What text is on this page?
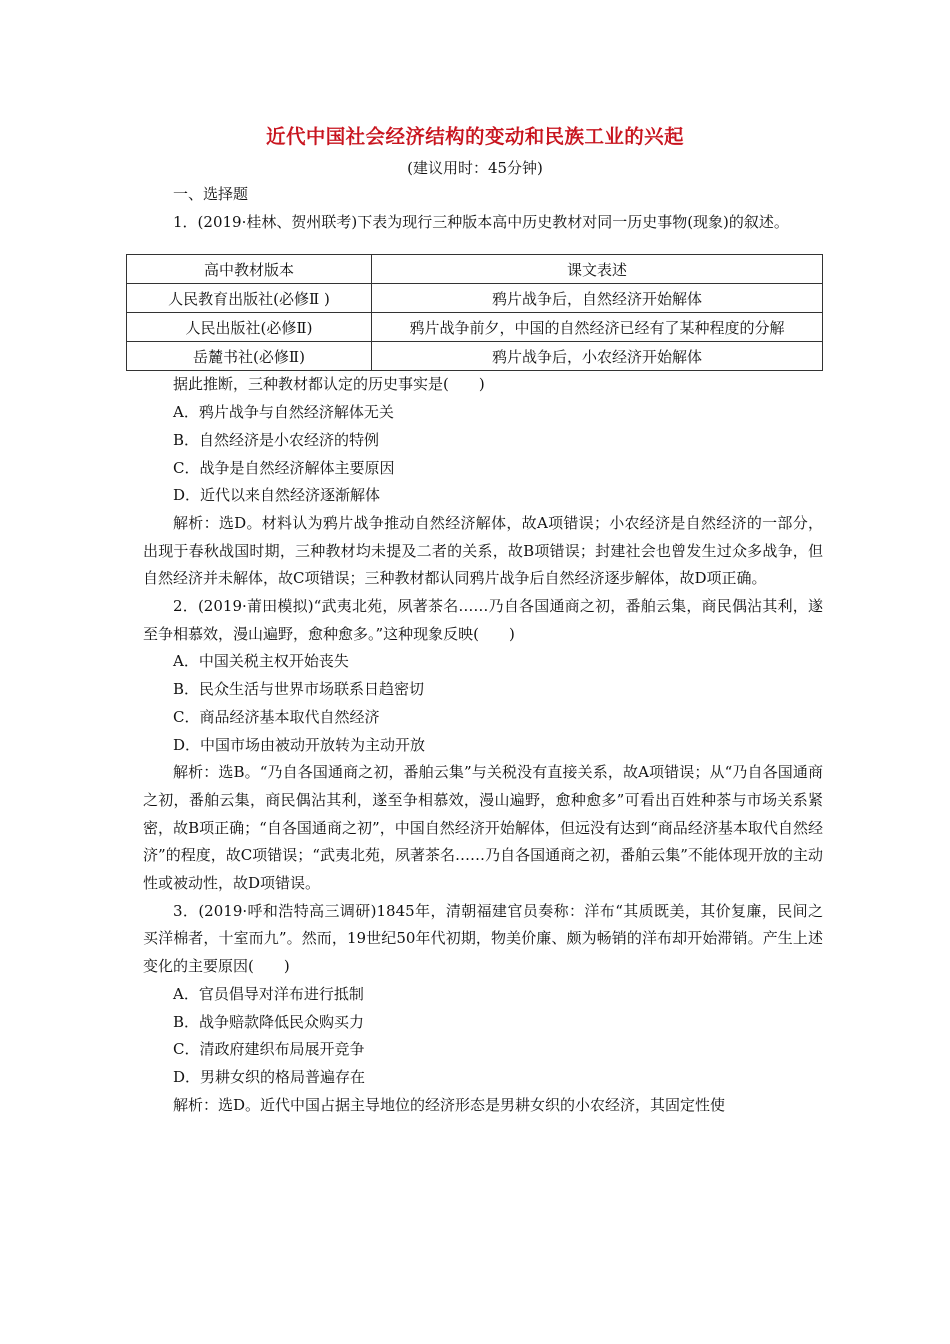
近代中国社会经济结构的变动和民族工业的兴起
(建议用时：45分钟)

一、选择题

1．(2019·桂林、贺州联考)下表为现行三种版本高中历史教材对同一历史事物(现象)的叙述。

高中教材版本	课文表述
人民教育出版社(必修Ⅱ )	鸦片战争后，自然经济开始解体
人民出版社(必修Ⅱ)	鸦片战争前夕，中国的自然经济已经有了某种程度的分解
岳麓书社(必修Ⅱ)	鸦片战争后，小农经济开始解体

据此推断，三种教材都认定的历史事实是(　　)

A．鸦片战争与自然经济解体无关

B．自然经济是小农经济的特例

C．战争是自然经济解体主要原因

D．近代以来自然经济逐渐解体

解析：选D。材料认为鸦片战争推动自然经济解体，故A项错误；小农经济是自然经济的一部分，出现于春秋战国时期，三种教材均未提及二者的关系，故B项错误；封建社会也曾发生过众多战争，但自然经济并未解体，故C项错误；三种教材都认同鸦片战争后自然经济逐步解体，故D项正确。

2．(2019·莆田模拟)“武夷北苑，夙著茶名……乃自各国通商之初，番舶云集，商民偶沾其利，遂至争相慕效，漫山遍野，愈种愈多。”这种现象反映(　　)

A．中国关税主权开始丧失

B．民众生活与世界市场联系日趋密切

C．商品经济基本取代自然经济

D．中国市场由被动开放转为主动开放

解析：选B。“乃自各国通商之初，番舶云集”与关税没有直接关系，故A项错误；从“乃自各国通商之初，番舶云集，商民偶沾其利，遂至争相慕效，漫山遍野，愈种愈多”可看出百姓种茶与市场关系紧密，故B项正确；“自各国通商之初”，中国自然经济开始解体，但远没有达到“商品经济基本取代自然经济”的程度，故C项错误；“武夷北苑，夙著茶名……乃自各国通商之初，番舶云集”不能体现开放的主动性或被动性，故D项错误。

3．(2019·呼和浩特高三调研)1845年，清朝福建官员奏称：洋布“其质既美，其价复廉，民间之买洋棉者，十室而九”。然而，19世纪50年代初期，物美价廉、颇为畅销的洋布却开始滞销。产生上述变化的主要原因(　　)

A．官员倡导对洋布进行抵制

B．战争赔款降低民众购买力

C．清政府建织布局展开竞争

D．男耕女织的格局普遍存在

解析：选D。近代中国占据主导地位的经济形态是男耕女织的小农经济，其固定性使
